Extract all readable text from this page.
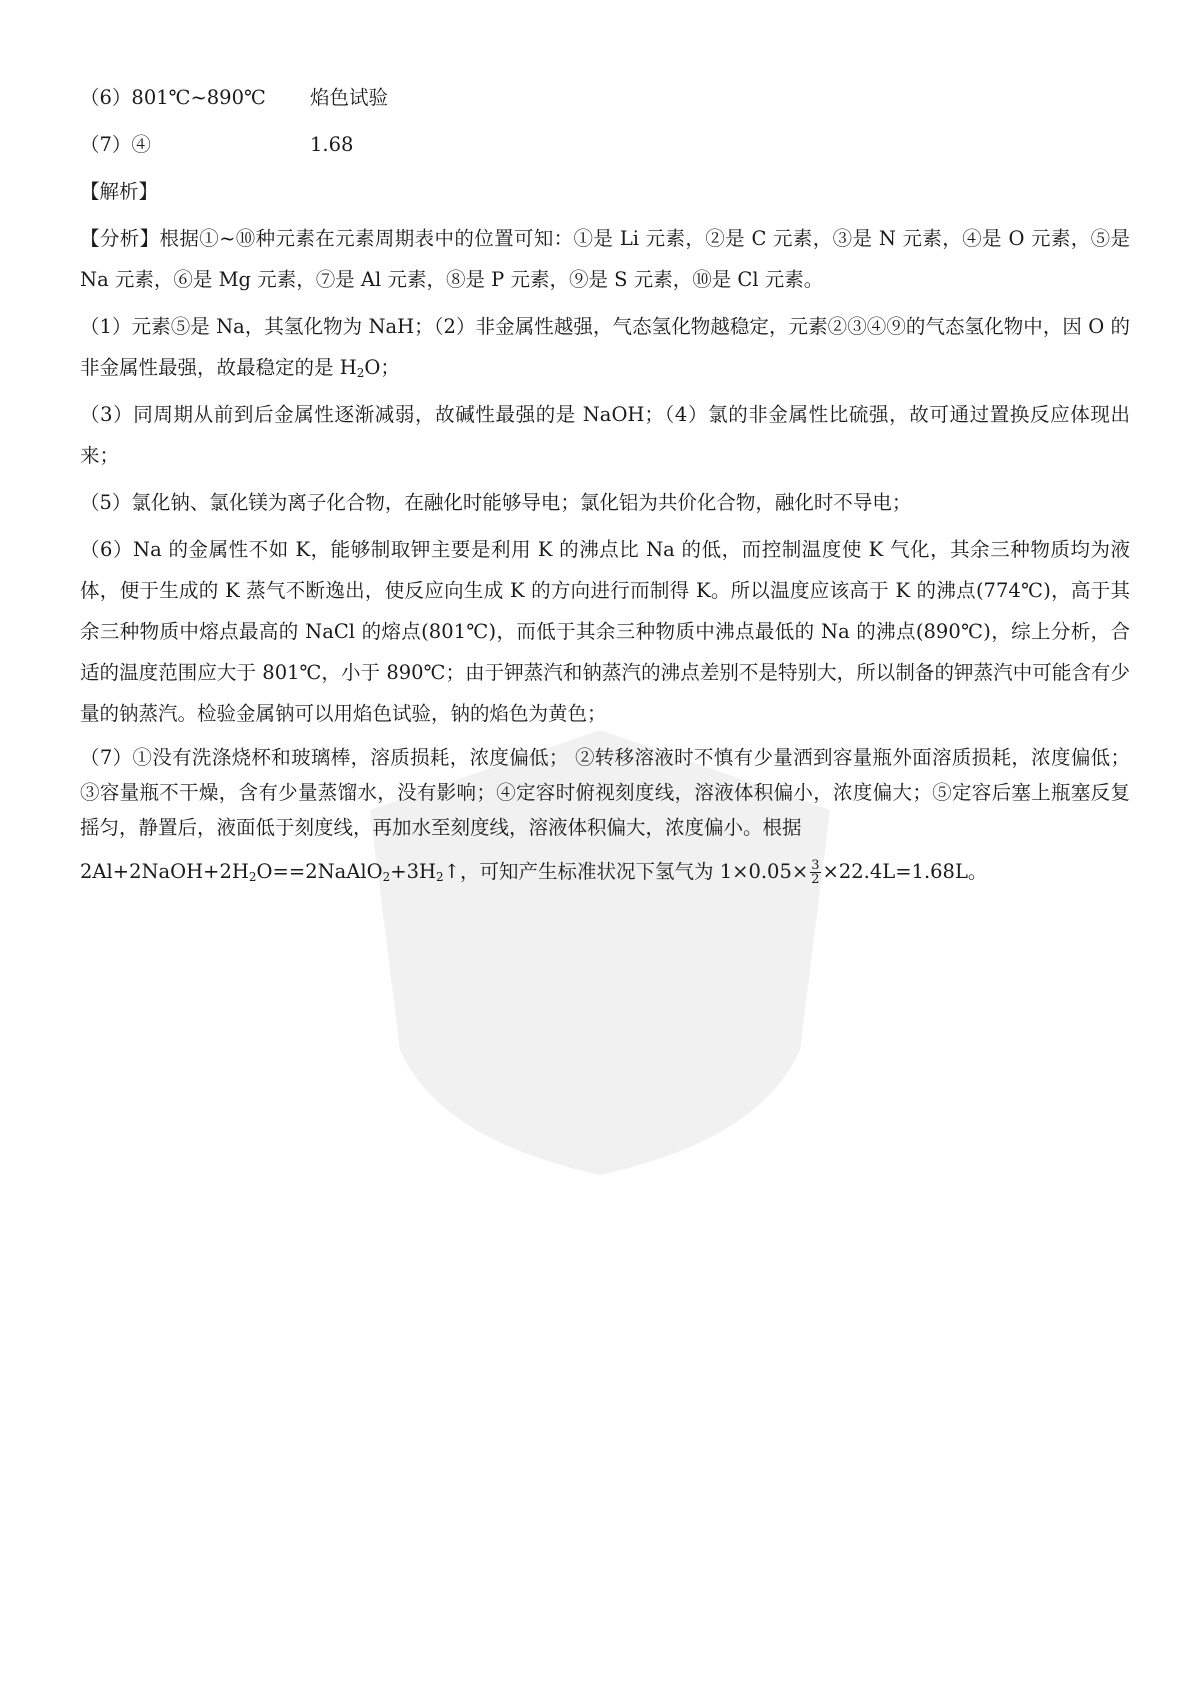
（6）801℃~890℃ 焰色试验
（7）④	1.68
【解析】

【分析】根据①~⑩种元素在元素周期表中的位置可知：①是 Li 元素，②是 C 元素，③是 N 元素，④是 O 元素，⑤是 Na 元素，⑥是 Mg 元素，⑦是 Al 元素，⑧是 P 元素，⑨是 S 元素，⑩是 Cl 元素。

（1）元素⑤是 Na，其氢化物为 NaH；（2）非金属性越强，气态氢化物越稳定，元素②③④⑨的气态氢化物中，因 O 的非金属性最强，故最稳定的是 $H_2O$；

（3）同周期从前到后金属性逐渐减弱，故碱性最强的是 NaOH；（4）氯的非金属性比硫强，故可通过置换反应体现出来；

（5）氯化钠、氯化镁为离子化合物，在融化时能够导电；氯化铝为共价化合物，融化时不导电；

（6）Na 的金属性不如 K，能够制取钾主要是利用 K 的沸点比 Na 的低，而控制温度使 K 气化，其余三种物质均为液体，便于生成的 K 蒸气不断逸出，使反应向生成 K 的方向进行而制得 K。所以温度应该高于 K 的沸点(774℃)，高于其余三种物质中熔点最高的 NaCl 的熔点(801℃)，而低于其余三种物质中沸点最低的 Na 的沸点(890℃)，综上分析，合适的温度范围应大于 801℃，小于 890℃；由于钾蒸汽和钠蒸汽的沸点差别不是特别大，所以制备的钾蒸汽中可能含有少量的钠蒸汽。检验金属钠可以用焰色试验，钠的焰色为黄色；

（7）①没有洗涤烧杯和玻璃棒，溶质损耗，浓度偏低； ②转移溶液时不慎有少量洒到容量瓶外面溶质损耗，浓度偏低； ③容量瓶不干燥，含有少量蒸馏水，没有影响；④定容时俯视刻度线，溶液体积偏小，浓度偏大；⑤定容后塞上瓶塞反复摇匀，静置后，液面低于刻度线，再加水至刻度线，溶液体积偏大，浓度偏小。根据

$2Al+2NaOH+2H_2O==2NaAlO_2+3H_2↑$，可知产生标准状况下氢气为 $1\times 0.05\times \frac{3}{2} \times 22.4L=1.68L$。
